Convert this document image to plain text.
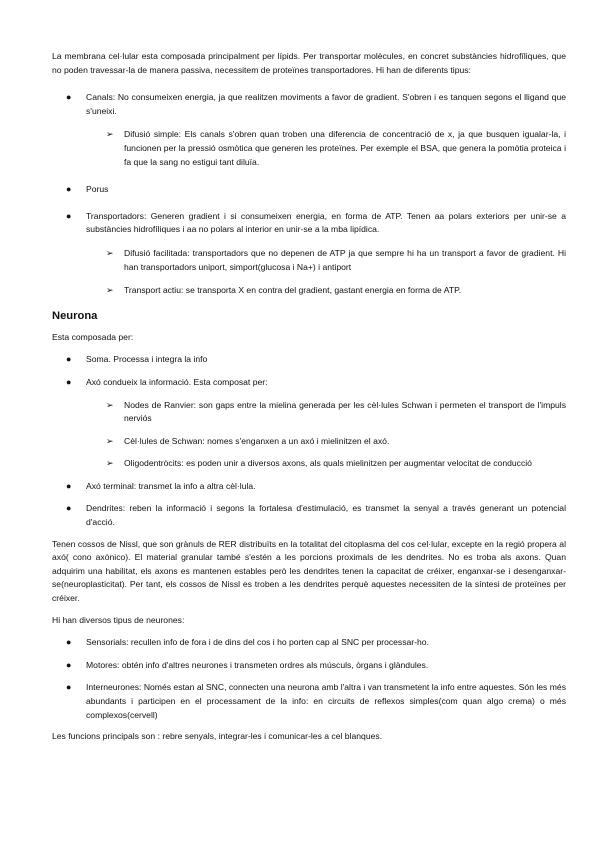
La membrana cel·lular esta composada principalment per lípids. Per transportar molècules, en concret substàncies hidrofíliques, que no poden travessar-la de manera passiva, necessitem de proteïnes transportadores. Hi han de diferents tipus:

● Canals: No consumeixen energia, ja que realitzen moviments a favor de gradient. S'obren i es tanquen segons el lligand que s'uneixi.

➢ Difusió simple: Els canals s'obren quan troben una diferencia de concentració de x, ja que busquen igualar-la, i funcionen per la pressió osmòtica que generen les proteïnes. Per exemple el BSA, que genera la pomòtia proteica i fa que la sang no estigui tant diluïa.

● Porus

● Transportadors: Generen gradient i si consumeixen energia, en forma de ATP. Tenen aa polars exteriors per unir-se a substàncies hidrofíliques i aa no polars al interior en unir-se a la mba lipídica.

➢ Difusió facilitada: transportadors que no depenen de ATP ja que sempre hi ha un transport a favor de gradient. Hi han transportadors uniport, simport(glucosa i Na+) i antiport

➢ Transport actiu: se transporta X en contra del gradient, gastant energia en forma de ATP.

Neurona

Esta composada per:

● Soma. Processa i integra la info

● Axó condueix la informació. Esta composat per:

➢ Nodes de Ranvier: son gaps entre la mielina generada per les cèl·lules Schwan i permeten el transport de l'impuls nerviós

➢ Cèl·lules de Schwan: nomes s'enganxen a un axó i mielinitzen el axó.

➢ Oligodentròcits: es poden unir a diversos axons, als quals mielinitzen per augmentar velocitat de conducció

● Axó terminal: transmet la info a altra cèl·lula.

● Dendrites: reben la informació i segons la fortalesa d'estimulació, es transmet la senyal a través generant un potencial d'acció.

Tenen cossos de Nissl, que son grànuls de RER distribuïts en la totalitat del citoplasma del cos cel·lular, excepte en la regió propera al axó( cono axònico). El material granular també s'estén a les porcions proximals de les dendrites. No es troba als axons. Quan adquirim una habilitat, els axons es mantenen estables però les dendrites tenen la capacitat de créixer, enganxar-se i desenganxar-se(neuroplasticitat). Per tant, els cossos de Nissl es troben a les dendrites perquè aquestes necessiten de la síntesi de proteïnes per créixer.

Hi han diversos tipus de neurones:

● Sensorials: recullen info de fora i de dins del cos i ho porten cap al SNC per processar-ho.

● Motores: obtén info d'altres neurones i transmeten ordres als músculs, òrgans i glàndules.

● Interneurones: Només estan al SNC, connecten una neurona amb l'altra i van transmetent la info entre aquestes. Són les més abundants i participen en el processament de la info: en circuits de reflexos simples(com quan algo crema) o més complexos(cervell)

Les funcions principals son : rebre senyals, integrar-les i comunicar-les a cel blanques.
